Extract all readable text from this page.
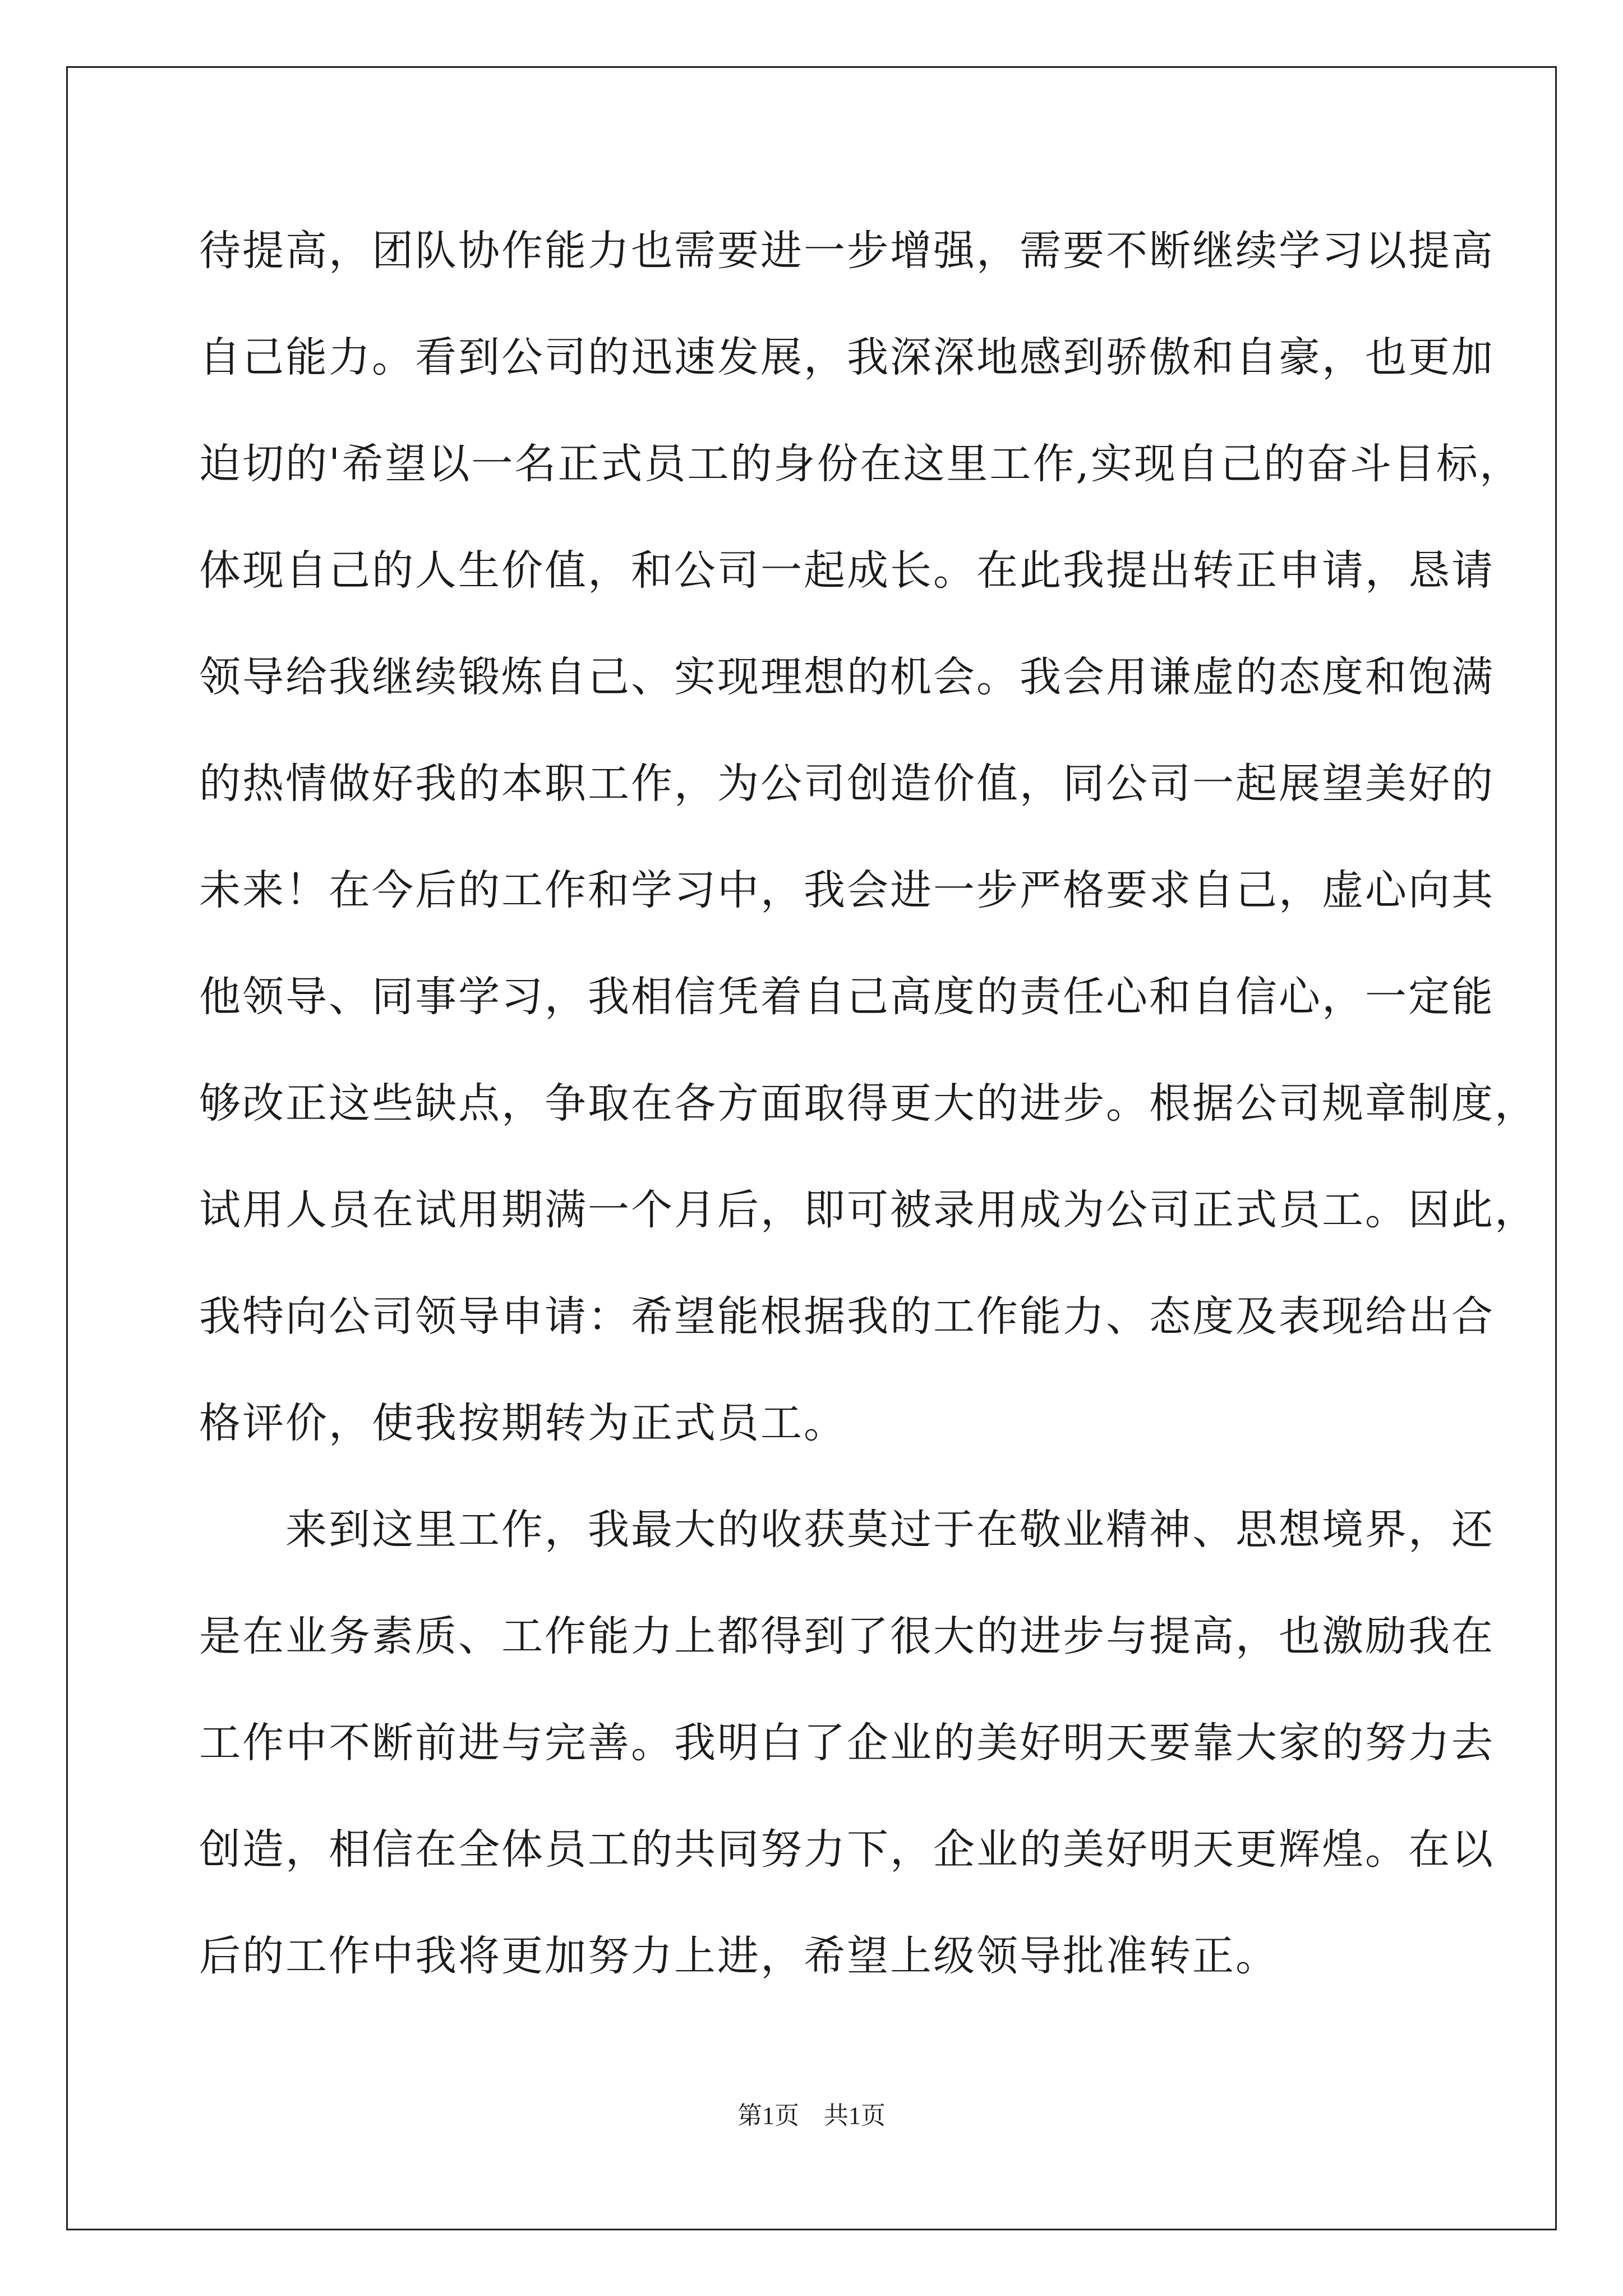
待提高，团队协作能力也需要进一步增强，需要不断继续学习以提高
自己能力。看到公司的迅速发展，我深深地感到骄傲和自豪，也更加
迫切的'希望以一名正式员工的身份在这里工作,实现自己的奋斗目标，
体现自己的人生价值，和公司一起成长。在此我提出转正申请，恳请
领导给我继续锻炼自己、实现理想的机会。我会用谦虚的态度和饱满
的热情做好我的本职工作，为公司创造价值，同公司一起展望美好的
未来！在今后的工作和学习中，我会进一步严格要求自己，虚心向其
他领导、同事学习，我相信凭着自己高度的责任心和自信心，一定能
够改正这些缺点，争取在各方面取得更大的进步。根据公司规章制度，
试用人员在试用期满一个月后，即可被录用成为公司正式员工。因此，
我特向公司领导申请：希望能根据我的工作能力、态度及表现给出合
格评价，使我按期转为正式员工。
　　来到这里工作，我最大的收获莫过于在敬业精神、思想境界，还
是在业务素质、工作能力上都得到了很大的进步与提高，也激励我在
工作中不断前进与完善。我明白了企业的美好明天要靠大家的努力去
创造，相信在全体员工的共同努力下，企业的美好明天更辉煌。在以
后的工作中我将更加努力上进，希望上级领导批准转正。
第1页 共1页
